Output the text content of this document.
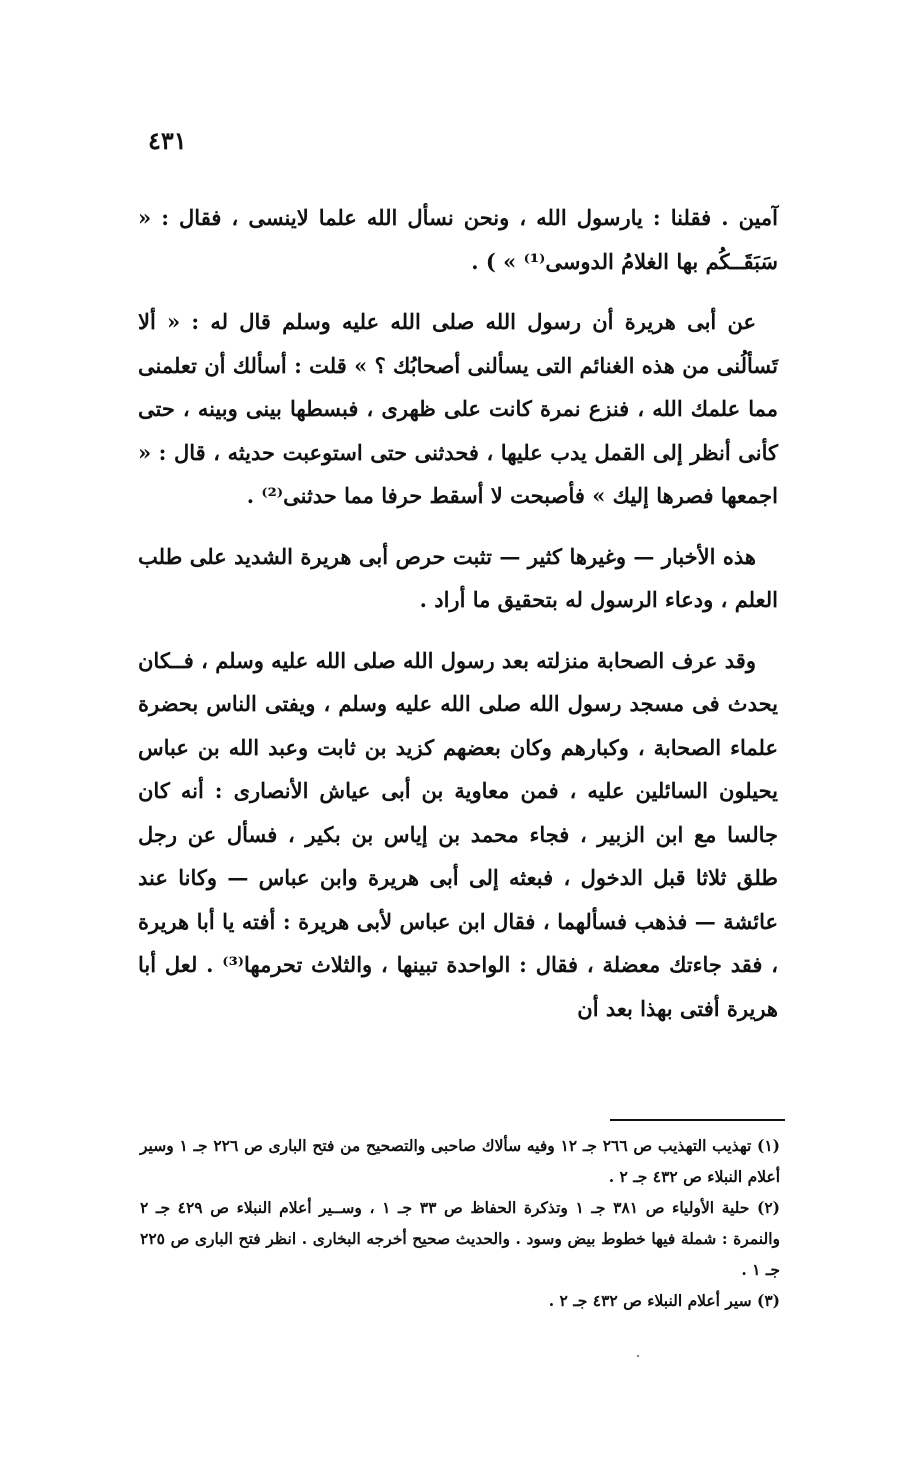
٤٣١

آمين . فقلنا : يارسول الله ، ونحن نسأل الله علما لاينسى ، فقال : « سَبَقَــكُم بها الغلامُ الدوسى⁽¹⁾ » ) .

عن أبى هريرة أن رسول الله صلى الله عليه وسلم قال له : « ألا تَسألُنى من هذه الغنائم التى يسألنى أصحابُك ؟ » قلت : أسألك أن تعلمنى مما علمك الله ، فنزع نمرة كانت على ظهرى ، فبسطها بينى وبينه ، حتى كأنى أنظر إلى القمل يدب عليها ، فحدثنى حتى استوعبت حديثه ، قال : « اجمعها فصرها إليك » فأصبحت لا أسقط حرفا مما حدثنى⁽²⁾ .

هذه الأخبار — وغيرها كثير — تثبت حرص أبى هريرة الشديد على طلب العلم ، ودعاء الرسول له بتحقيق ما أراد .

وقد عرف الصحابة منزلته بعد رسول الله صلى الله عليه وسلم ، فــكان يحدث فى مسجد رسول الله صلى الله عليه وسلم ، ويفتى الناس بحضرة علماء الصحابة ، وكبارهم وكان بعضهم كزيد بن ثابت وعبد الله بن عباس يحيلون السائلين عليه ، فمن معاوية بن أبى عياش الأنصارى : أنه كان جالسا مع ابن الزبير ، فجاء محمد بن إياس بن بكير ، فسأل عن رجل طلق ثلاثا قبل الدخول ، فبعثه إلى أبى هريرة وابن عباس — وكانا عند عائشة — فذهب فسألهما ، فقال ابن عباس لأبى هريرة : أفته يا أبا هريرة ، فقد جاءتك معضلة ، فقال : الواحدة تبينها ، والثلاث تحرمها⁽³⁾ . لعل أبا هريرة أفتى بهذا بعد أن

(١) تهذيب التهذيب ص ٢٦٦ جـ ١٢ وفيه سألاك صاحبى والتصحيح من فتح البارى ص ٢٢٦ جـ ١ وسير أعلام النبلاء ص ٤٣٢ جـ ٢ .

(٢) حلية الأولياء ص ٣٨١ جـ ١ وتذكرة الحفاظ ص ٣٣ جـ ١ ، وســير أعلام النبلاء ص ٤٢٩ جـ ٢ والنمرة : شملة فيها خطوط بيض وسود . والحديث صحيح أخرجه البخارى . انظر فتح البارى ص ٢٢٥ جـ ١ .

(٣) سير أعلام النبلاء ص ٤٣٢ جـ ٢ .
